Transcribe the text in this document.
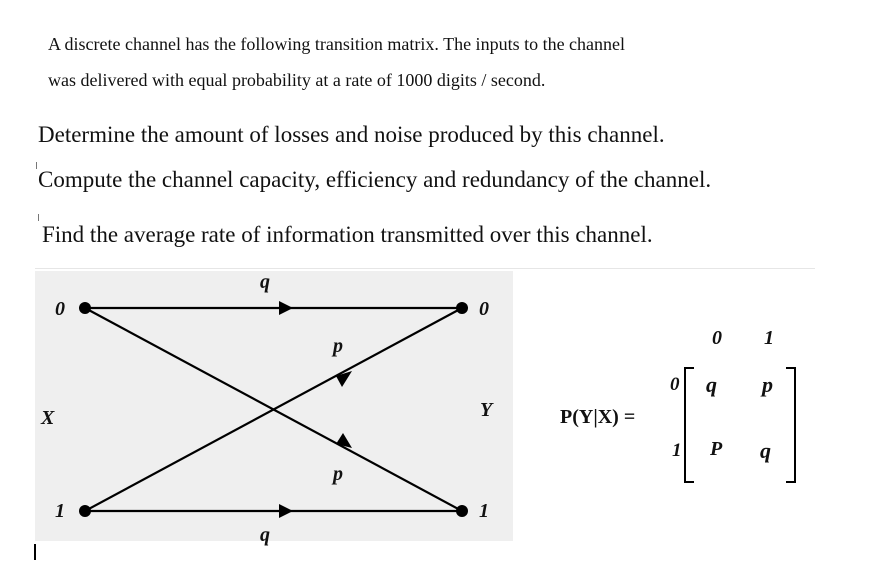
A discrete channel has the following transition matrix. The inputs to the channel
was delivered with equal probability at a rate of 1000 digits / second.
Determine the amount of losses and noise produced by this channel.
Compute the channel capacity, efficiency and redundancy of the channel.
Find the average rate of information transmitted over this channel.
q
p
p
q
0
1
0
1
X	Y	P(Y|X) =
0 1
0
1
q p
P q
